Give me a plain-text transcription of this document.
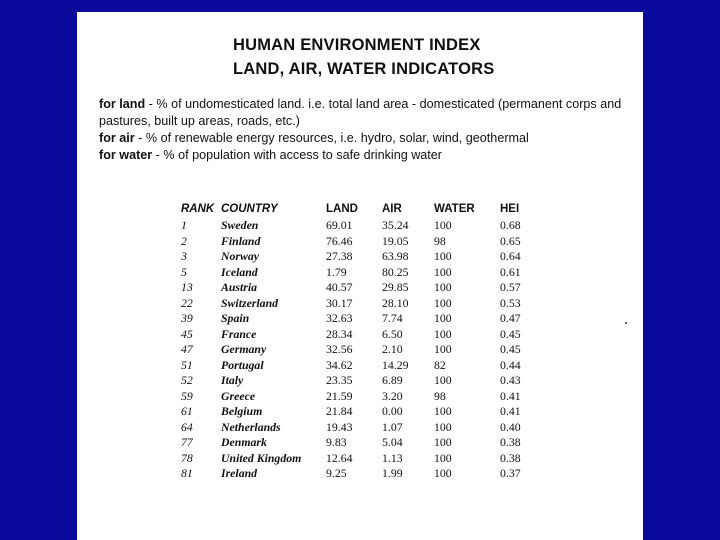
HUMAN ENVIRONMENT INDEX
LAND, AIR, WATER INDICATORS
for land - % of undomesticated land. i.e. total land area - domesticated (permanent corps and pastures, built up areas, roads, etc.)
for air - % of renewable energy resources, i.e. hydro, solar, wind, geothermal
for water - % of population with access to safe drinking water
RANK	COUNTRY	LAND	AIR	WATER	HEI
1	Sweden	69.01	35.24	100	0.68
2	Finland	76.46	19.05	98	0.65
3	Norway	27.38	63.98	100	0.64
5	Iceland	1.79	80.25	100	0.61
13	Austria	40.57	29.85	100	0.57
22	Switzerland	30.17	28.10	100	0.53
39	Spain	32.63	7.74	100	0.47
45	France	28.34	6.50	100	0.45
47	Germany	32.56	2.10	100	0.45
51	Portugal	34.62	14.29	82	0.44
52	Italy	23.35	6.89	100	0.43
59	Greece	21.59	3.20	98	0.41
61	Belgium	21.84	0.00	100	0.41
64	Netherlands	19.43	1.07	100	0.40
77	Denmark	9.83	5.04	100	0.38
78	United Kingdom	12.64	1.13	100	0.38
81	Ireland	9.25	1.99	100	0.37
